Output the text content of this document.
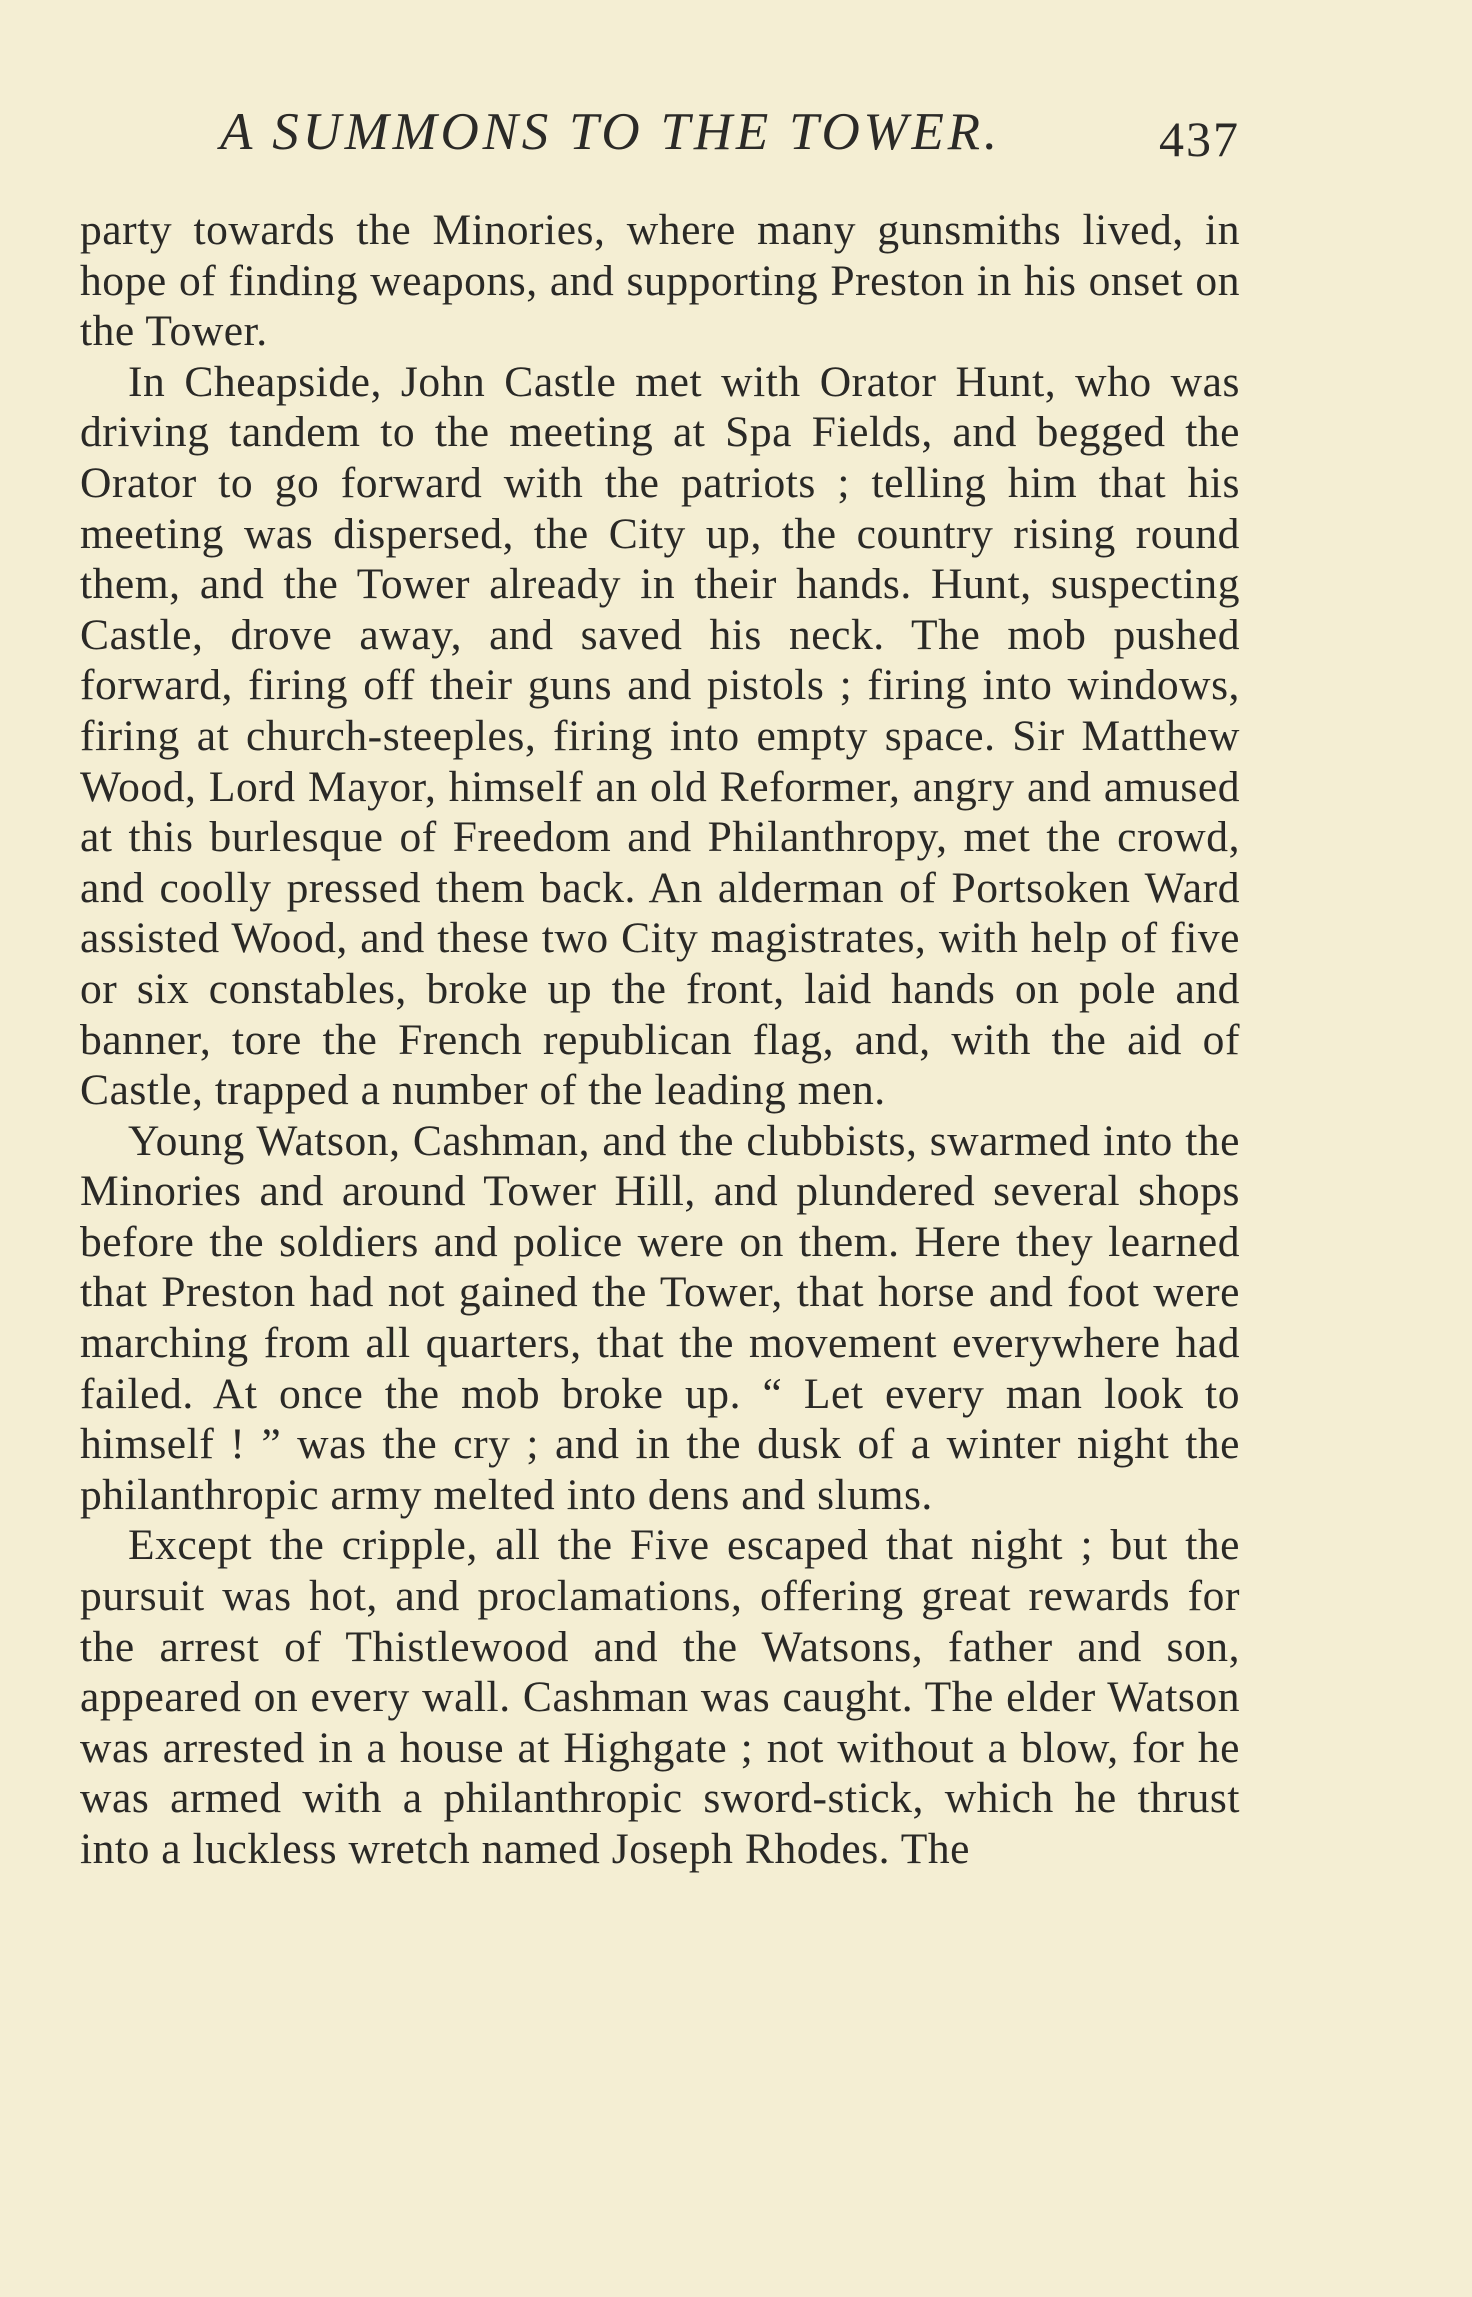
A SUMMONS TO THE TOWER.	437

party towards the Minories, where many gunsmiths lived, in hope of finding weapons, and supporting Preston in his onset on the Tower.

In Cheapside, John Castle met with Orator Hunt, who was driving tandem to the meeting at Spa Fields, and begged the Orator to go forward with the patriots ; telling him that his meeting was dispersed, the City up, the country rising round them, and the Tower already in their hands. Hunt, suspecting Castle, drove away, and saved his neck. The mob pushed forward, firing off their guns and pistols ; firing into windows, firing at church-steeples, firing into empty space. Sir Matthew Wood, Lord Mayor, himself an old Reformer, angry and amused at this burlesque of Freedom and Philanthropy, met the crowd, and coolly pressed them back. An alderman of Portsoken Ward assisted Wood, and these two City magistrates, with help of five or six constables, broke up the front, laid hands on pole and banner, tore the French republican flag, and, with the aid of Castle, trapped a number of the leading men.

Young Watson, Cashman, and the clubbists, swarmed into the Minories and around Tower Hill, and plundered several shops before the soldiers and police were on them. Here they learned that Preston had not gained the Tower, that horse and foot were marching from all quarters, that the movement everywhere had failed. At once the mob broke up. “ Let every man look to himself ! ” was the cry ; and in the dusk of a winter night the philanthropic army melted into dens and slums.

Except the cripple, all the Five escaped that night ; but the pursuit was hot, and proclamations, offering great rewards for the arrest of Thistlewood and the Watsons, father and son, appeared on every wall. Cashman was caught. The elder Watson was arrested in a house at Highgate ; not without a blow, for he was armed with a philanthropic sword-stick, which he thrust into a luckless wretch named Joseph Rhodes. The
